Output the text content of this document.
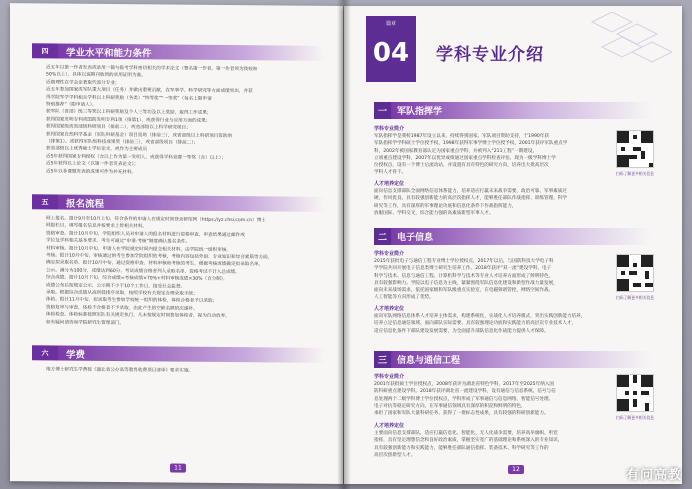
四	学业水平和能力条件

近五年以第一作者发表或录用一篇与报考学科密切相关的学术论文（署名第一作者，第一作者须为我校和

50%以上），具体以该期刊收到的录用证明为准。

近期理性在学会论著取代部分专业；

近五年参加国家或军队重大项目（任务）并做出重要贡献，在军事学、科学研究等方面成绩突出，并获

得学院军学学科相关学科以上科研奖励（各类）“特等奖”“一等奖”（每名上限申请

特别推荐”（限申请人）。

获军队（省部）级三等奖以上科研奖励及个人三等功及以上奖励，取得工作成果；

获得国家发明专利或国防发明专利1项（排第1）、或获得行业与应用方面的成果；

获得国家级或省部级科研项目（排前二），或省部级以上科学研究项目；

获得国家自然科学基金（军队科研基金）项目资助（排前三），或省部级以上科研项目资助的

（排第1）。或获得军队级科技成果奖（排前三），或省部级项目（排前二）；

获省部级以上优秀硕士学位论文，或作为主要成员

近5年获得国家专利授权（含以上作为第一发明人，或获得学科竞赛一等奖（含）以上）；

近5年获得以上论文（以第一作者发表论文）；

近5年以非课题发表的成果可作为补充材料。

五	报名流程

网上报名。报计9月至10月上旬，符合条件的申请人在规定时间登录研招网（https://yz.chsi.com.cn）博士

网报栏目，填写报名信息并按要求上传相关材料。

资格审查。报计10月中旬，学院组织人员对申请人的报名材料进行资格审查，审查结果通过邮件或

学位及学科相关基本要求，考生可通过“申请-考核”制度确认报名条件。

材料审核。报计10月中旬，申请人在学院规定时间内提交相关材料，由学院统一组织审核，

考核。报计10月中旬，审核通过的考生参加学院组织的考核，考核内容包括外语、专业知识和综合素质等方面，

确定拟录取名单。报计10月中旬，通过资格审查、材料审核和考核的考生，根据考核成绩确定拟录取名单，

公示。满分为100分，成绩达到60分，考试成绩合格者列入录取名单，资格考试不计入总成绩。

综合成绩。报计10月下旬，综合成绩=考核成绩×70%+材料审核成绩×30%（百分制），

成绩公布后按规定公示，公示期不少于10个工作日，接受社会监督。

录取。根据综合成绩从高到低排序录取，按照学校有关规定办理录取手续；

体检。报计11月中旬，拟录取考生参加学校统一组织的体检，体检合格者予以录取；

资格复审与审查，体检不合格者不予录取，由此产生的空缺名额依次递补。

体检检查。体检标准按照军队有关规定执行，凡未按规定时间参加体检者，视为自动放弃。

如有疑问请咨询学院研究生管理部门。

六	学费

地方博士研究生学费按《湖北省公办高等教育收费项目清单》要求实施。

11
篇章
04	学科专业介绍
一	军队指挥学
学科专业简介

军队指挥学是我校1987年设立以来，持续得到国家、军队项目资助支持，于1990年获

军队指挥学学科硕士学位授予权，1998年获得军事学博士学位授予权，2001年获评军队重点学

科，2002年被国家教育部认定为国家重点学科，并被列入“211工程”一期建设，

立项重点建设学科，2007年以优异成绩通过国家重点学科检查评估，现为一级学科博士学

位授权点，设有一个博士后流动站，并设置有具有特色的研究方向，培养出大批高层次

学科人才骨干。	扫码了解更多相关信息
人才培养定位

面向信息支撑部队全面网络信息体系能力，培养适应打赢未来战争需要，政治可靠、军事素质过

硬、作风优良、具有较强创新能力的高层次指挥人才，能够胜任部队作战指挥、训练管理、科学

研究等工作，具有深厚的军事理论功底和信息化条件下作战指挥能力，

放眼国际、学科交叉，综合能力强的高素质新型军事人才。

二	电子信息
学科专业简介

2015年获批电子与通信工程专业博士学位授权点，2017年以后，与国防科技大学电子科

学学院共同开展电子信息类博士研究生培养工作。2018年获评“双一流”建设学科，电子

科学与技术、信息与通信工程、计算机科学与技术等专业人才培养方面形成了鲜明特色，

具有较强影响力。学院以电子信息为主线，紧紧围绕军队信息化建设和新型作战力量发展，

面向未来战场需求，依托国家级和军队级重点实验室，在电磁频谱管控、网络空间作战、

人工智能等方向形成了优势。	扫码了解更多相关信息
人才培养定位

面向军队网络信息体系人才培养主体需求，构建系统化、实战化人才培养模式，突出实践创新能力培养，

培养立足信息通信领域、面向部队实际需要、具有较强理论功底和实践能力的高层次专业技术人才，

适应信息化条件下部队建设发展需要，为全面提升部队信息化作战能力提供人才保障。

三	信息与通信工程
学科专业简介

2001年获批硕士学位授权点，2008年获评为湖北省特色学科，2017年至2025年纳入国

防科研重点建设学科。2018年获评湖北省一流建设学科，设有通信与信息系统、信号与信

息处理两个二级学科博士学位授权点，学科形成了军事通信与信息网络、智能信号处理、

电子对抗等稳定研究方向，在军事通信领域具有深厚的积淀和鲜明的特色，

承担了国家和军队大量科研任务，获得了一批标志性成果，具有较强的科研创新能力。

扫码了解更多相关信息
人才培养定位

主要面向信息支撑部队，适应打赢信息化、智能化、无人化战争需要，培养高举旗帜、听党

指挥，具有坚定理想信念和良好政治素质，掌握坚实宽广的基础理论和系统深入的专业知识，

具有较强创新能力和实践能力，能够胜任部队通信指挥、装备技术、科学研究等工作的

高层次创新型人才。

12	有问高教
